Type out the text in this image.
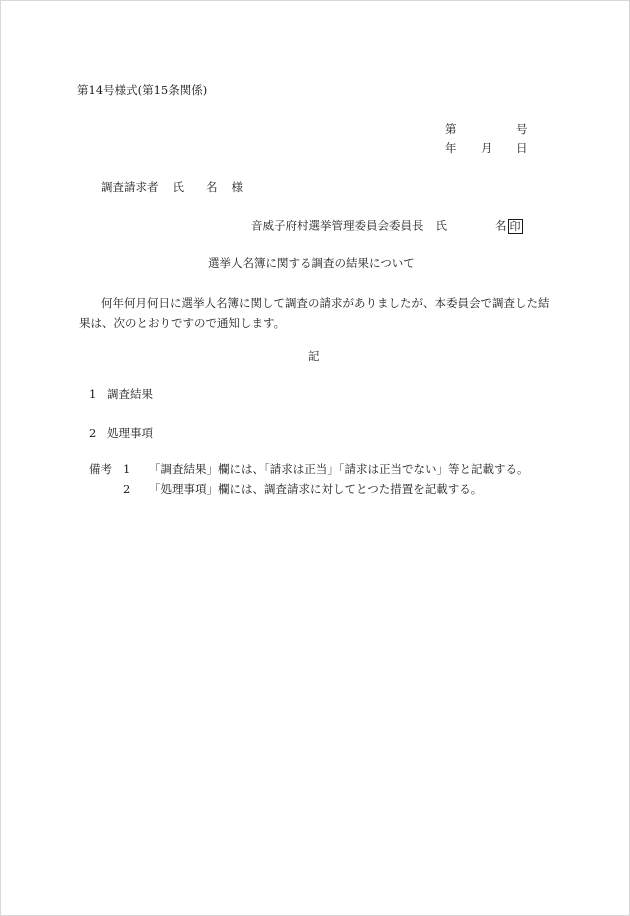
第14号様式(第15条関係)
第	号
年 月 日
調査請求者 氏 名 様
音威子府村選挙管理委員会委員長 氏	名 印
選挙人名簿に関する調査の結果について
何年何月何日に選挙人名簿に関して調査の請求がありましたが、本委員会で調査した結果は、次のとおりですので通知します。
記
1 調査結果
2 処理事項
備考 1 「調査結果」欄には、「請求は正当」「請求は正当でない」等と記載する。
2 「処理事項」欄には、調査請求に対してとつた措置を記載する。
